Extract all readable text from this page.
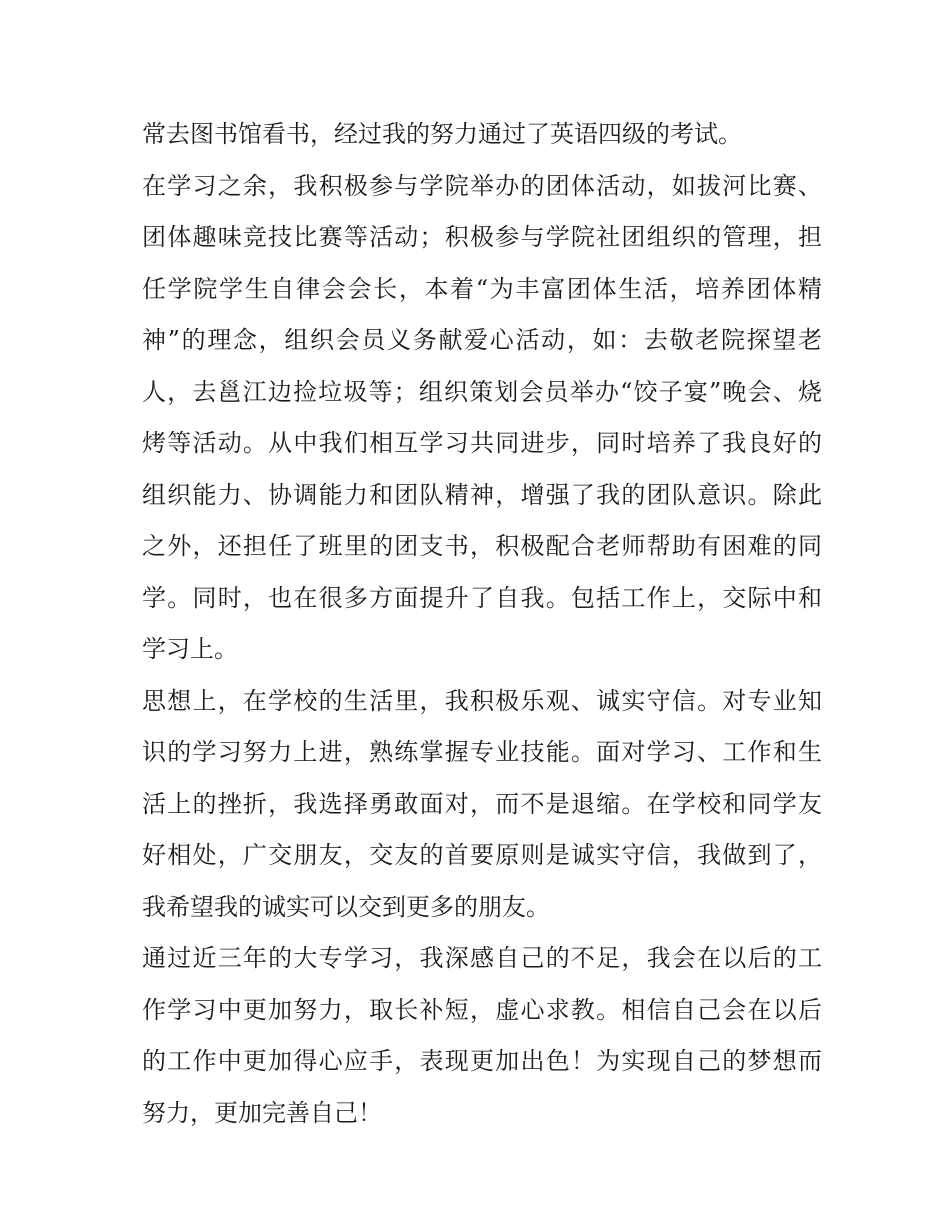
常去图书馆看书，经过我的努力通过了英语四级的考试。
在学习之余，我积极参与学院举办的团体活动，如拔河比赛、
团体趣味竞技比赛等活动；积极参与学院社团组织的管理，担
任学院学生自律会会长，本着“为丰富团体生活，培养团体精
神”的理念，组织会员义务献爱心活动，如：去敬老院探望老
人，去邕江边捡垃圾等；组织策划会员举办“饺子宴”晚会、烧
烤等活动。从中我们相互学习共同进步，同时培养了我良好的
组织能力、协调能力和团队精神，增强了我的团队意识。除此
之外，还担任了班里的团支书，积极配合老师帮助有困难的同
学。同时，也在很多方面提升了自我。包括工作上，交际中和
学习上。
思想上，在学校的生活里，我积极乐观、诚实守信。对专业知
识的学习努力上进，熟练掌握专业技能。面对学习、工作和生
活上的挫折，我选择勇敢面对，而不是退缩。在学校和同学友
好相处，广交朋友，交友的首要原则是诚实守信，我做到了，
我希望我的诚实可以交到更多的朋友。
通过近三年的大专学习，我深感自己的不足，我会在以后的工
作学习中更加努力，取长补短，虚心求教。相信自己会在以后
的工作中更加得心应手，表现更加出色！为实现自己的梦想而
努力，更加完善自己！
